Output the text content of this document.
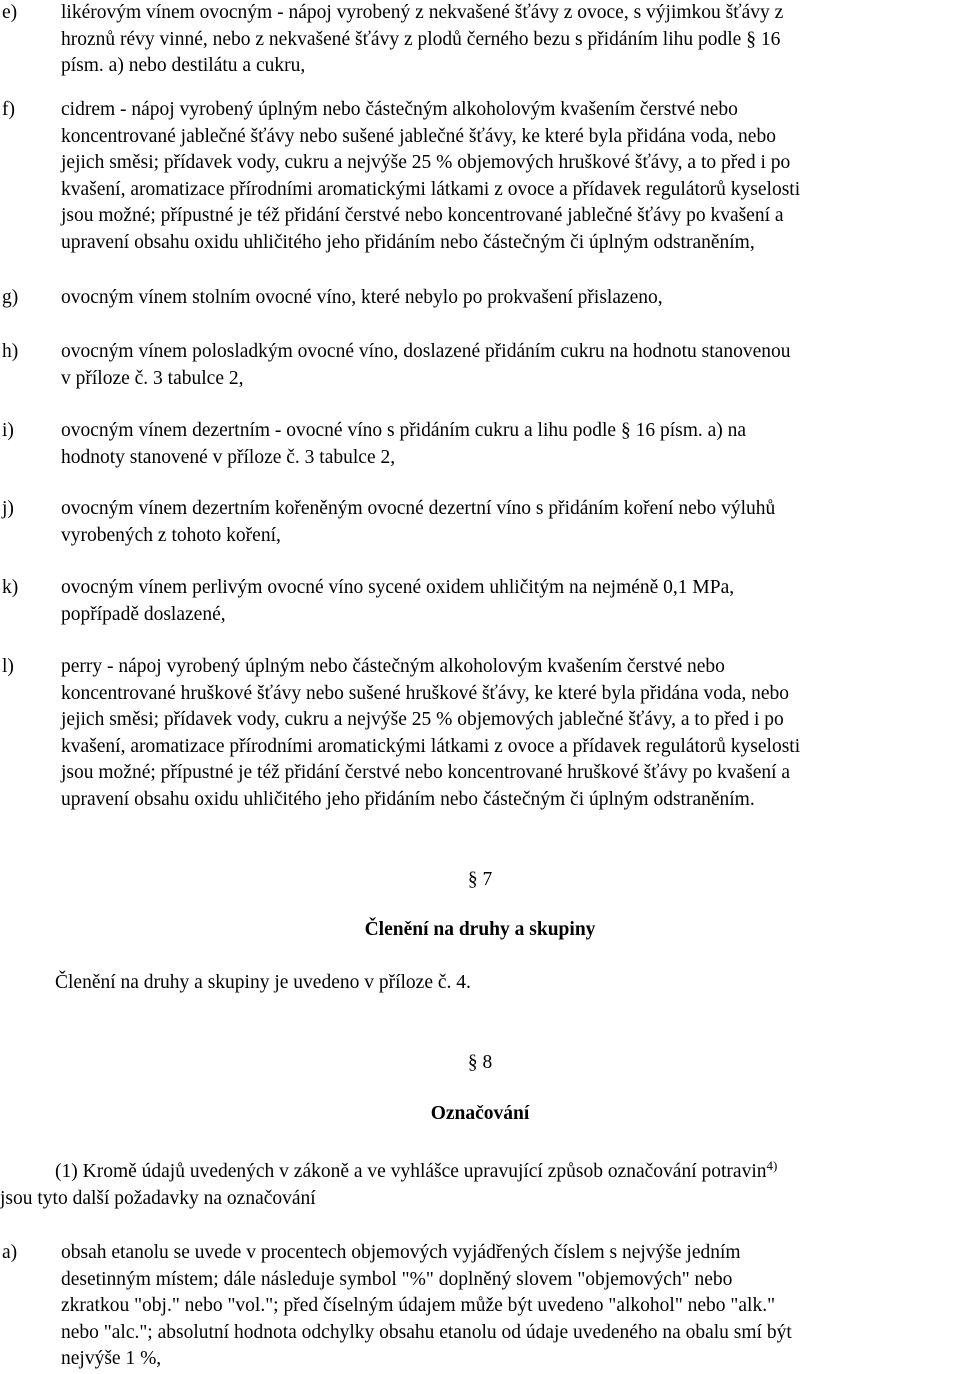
e) likérovým vínem ovocným - nápoj vyrobený z nekvašené šťávy z ovoce, s výjimkou šťávy z
hroznů révy vinné, nebo z nekvašené šťávy z plodů černého bezu s přidáním lihu podle § 16
písm. a) nebo destilátu a cukru,
f) cidrem - nápoj vyrobený úplným nebo částečným alkoholovým kvašením čerstvé nebo
koncentrované jablečné šťávy nebo sušené jablečné šťávy, ke které byla přidána voda, nebo
jejich směsi; přídavek vody, cukru a nejvýše 25 % objemových hruškové šťávy, a to před i po
kvašení, aromatizace přírodními aromatickými látkami z ovoce a přídavek regulátorů kyselosti
jsou možné; přípustné je též přidání čerstvé nebo koncentrované jablečné šťávy po kvašení a
upravení obsahu oxidu uhličitého jeho přidáním nebo částečným či úplným odstraněním,
g) ovocným vínem stolním ovocné víno, které nebylo po prokvašení přislazeno,
h) ovocným vínem polosladkým ovocné víno, doslazené přidáním cukru na hodnotu stanovenou
v příloze č. 3 tabulce 2,
i) ovocným vínem dezertním - ovocné víno s přidáním cukru a lihu podle § 16 písm. a) na
hodnoty stanovené v příloze č. 3 tabulce 2,
j) ovocným vínem dezertním kořeněným ovocné dezertní víno s přidáním koření nebo výluhů
vyrobených z tohoto koření,
k) ovocným vínem perlivým ovocné víno sycené oxidem uhličitým na nejméně 0,1 MPa,
popřípadě doslazené,
l) perry - nápoj vyrobený úplným nebo částečným alkoholovým kvašením čerstvé nebo
koncentrované hruškové šťávy nebo sušené hruškové šťávy, ke které byla přidána voda, nebo
jejich směsi; přídavek vody, cukru a nejvýše 25 % objemových jablečné šťávy, a to před i po
kvašení, aromatizace přírodními aromatickými látkami z ovoce a přídavek regulátorů kyselosti
jsou možné; přípustné je též přidání čerstvé nebo koncentrované hruškové šťávy po kvašení a
upravení obsahu oxidu uhličitého jeho přidáním nebo částečným či úplným odstraněním.
§ 7
Členění na druhy a skupiny
Členění na druhy a skupiny je uvedeno v příloze č. 4.
§ 8
Označování
(1) Kromě údajů uvedených v zákoně a ve vyhlášce upravující způsob označování potravin$^{4)}$
jsou tyto další požadavky na označování
a) obsah etanolu se uvede v procentech objemových vyjádřených číslem s nejvýše jedním
desetinným místem; dále následuje symbol "%" doplněný slovem "objemových" nebo
zkratkou "obj." nebo "vol."; před číselným údajem může být uvedeno "alkohol" nebo "alk."
nebo "alc."; absolutní hodnota odchylky obsahu etanolu od údaje uvedeného na obalu smí být
nejvýše 1 %,
